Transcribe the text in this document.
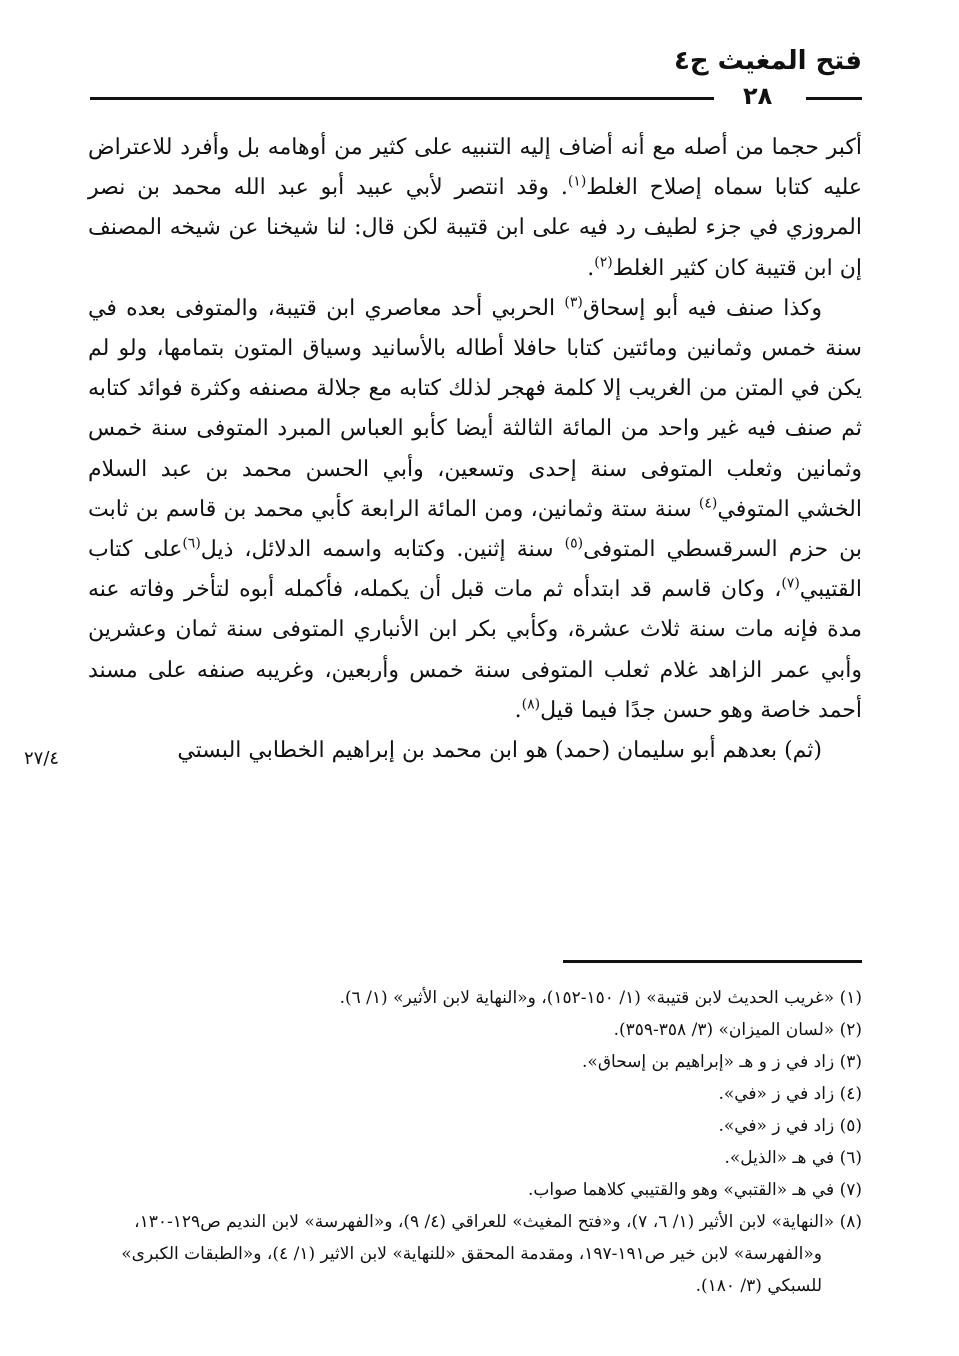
فتح المغيث ج٤
٢٨

أكبر حجما من أصله مع أنه أضاف إليه التنبيه على كثير من أوهامه بل وأفرد للاعتراض عليه كتابا سماه إصلاح الغلط$^{(١)}$. وقد انتصر لأبي عبيد أبو عبد الله محمد بن نصر المروزي في جزء لطيف رد فيه على ابن قتيبة لكن قال: لنا شيخنا عن شيخه المصنف إن ابن قتيبة كان كثير الغلط$^{(٢)}$.

وكذا صنف فيه أبو إسحاق$^{(٣)}$ الحربي أحد معاصري ابن قتيبة، والمتوفى بعده في سنة خمس وثمانين ومائتين كتابا حافلا أطاله بالأسانيد وسياق المتون بتمامها، ولو لم يكن في المتن من الغريب إلا كلمة فهجر لذلك كتابه مع جلالة مصنفه وكثرة فوائد كتابه ثم صنف فيه غير واحد من المائة الثالثة أيضا كأبو العباس المبرد المتوفى سنة خمس وثمانين وثعلب المتوفى سنة إحدى وتسعين، وأبي الحسن محمد بن عبد السلام الخشي المتوفي$^{(٤)}$ سنة ستة وثمانين، ومن المائة الرابعة كأبي محمد بن قاسم بن ثابت بن حزم السرقسطي المتوفى$^{(٥)}$ سنة إثنين. وكتابه واسمه الدلائل، ذيل$^{(٦)}$على كتاب القتيبي$^{(٧)}$، وكان قاسم قد ابتدأه ثم مات قبل أن يكمله، فأكمله أبوه لتأخر وفاته عنه مدة فإنه مات سنة ثلاث عشرة، وكأبي بكر ابن الأنباري المتوفى سنة ثمان وعشرين وأبي عمر الزاهد غلام ثعلب المتوفى سنة خمس وأربعين، وغريبه صنفه على مسند أحمد خاصة وهو حسن جدًا فيما قيل$^{(٨)}$.

(ثم) بعدهم أبو سليمان (حمد) هو ابن محمد بن إبراهيم الخطابي البستي

٢٧/٤

(١) «غريب الحديث لابن قتيبة» (١/ ١٥٠-١٥٢)، و«النهاية لابن الأثير» (١/ ٦).

(٢) «لسان الميزان» (٣/ ٣٥٨-٣٥٩).

(٣) زاد في ز و هـ «إبراهيم بن إسحاق».

(٤) زاد في ز «في».

(٥) زاد في ز «في».

(٦) في هـ «الذيل».

(٧) في هـ «القتبي» وهو والقتيبي كلاهما صواب.

(٨) «النهاية» لابن الأثير (١/ ٦، ٧)، و«فتح المغيث» للعراقي (٤/ ٩)، و«الفهرسة» لابن النديم ص١٢٩-١٣٠، و«الفهرسة» لابن خير ص١٩١-١٩٧، ومقدمة المحقق «للنهاية» لابن الاثير (١/ ٤)، و«الطبقات الكبرى» للسبكي (٣/ ١٨٠).
